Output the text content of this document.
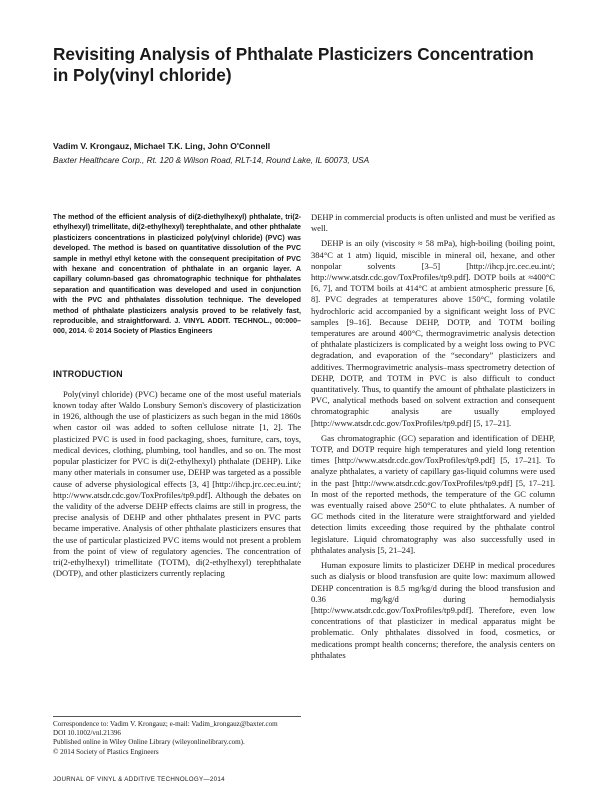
Revisiting Analysis of Phthalate Plasticizers Concentration in Poly(vinyl chloride)
Vadim V. Krongauz, Michael T.K. Ling, John O'Connell
Baxter Healthcare Corp., Rt. 120 & Wilson Road, RLT-14, Round Lake, IL 60073, USA

The method of the efficient analysis of di(2-diethylhexyl) phthalate, tri(2-ethylhexyl) trimellitate, di(2-ethylhexyl) terephthalate, and other phthalate plasticizers concentrations in plasticized poly(vinyl chloride) (PVC) was developed. The method is based on quantitative dissolution of the PVC sample in methyl ethyl ketone with the consequent precipitation of PVC with hexane and concentration of phthalate in an organic layer. A capillary column-based gas chromatographic technique for phthalates separation and quantification was developed and used in conjunction with the PVC and phthalates dissolution technique. The developed method of phthalate plasticizers analysis proved to be relatively fast, reproducible, and straightforward. J. VINYL ADDIT. TECHNOL., 00:000–000, 2014. © 2014 Society of Plastics Engineers

INTRODUCTION

Poly(vinyl chloride) (PVC) became one of the most useful materials known today after Waldo Lonsbury Semon's discovery of plasticization in 1926, although the use of plasticizers as such began in the mid 1860s when castor oil was added to soften cellulose nitrate [1, 2]. The plasticized PVC is used in food packaging, shoes, furniture, cars, toys, medical devices, clothing, plumbing, tool handles, and so on. The most popular plasticizer for PVC is di(2-ethylhexyl) phthalate (DEHP). Like many other materials in consumer use, DEHP was targeted as a possible cause of adverse physiological effects [3, 4] [http://ihcp.jrc.cec.eu.int/; http://www.atsdr.cdc.gov/ToxProfiles/tp9.pdf]. Although the debates on the validity of the adverse DEHP effects claims are still in progress, the precise analysis of DEHP and other phthalates present in PVC parts became imperative. Analysis of other phthalate plasticizers ensures that the use of particular plasticized PVC items would not present a problem from the point of view of regulatory agencies. The concentration of tri(2-ethylhexyl) trimellitate (TOTM), di(2-ethylhexyl) terephthalate (DOTP), and other plasticizers currently replacing

DEHP in commercial products is often unlisted and must be verified as well.

DEHP is an oily (viscosity ≈ 58 mPa), high-boiling (boiling point, 384°C at 1 atm) liquid, miscible in mineral oil, hexane, and other nonpolar solvents [3–5] [http://ihcp.jrc.cec.eu.int/; http://www.atsdr.cdc.gov/ToxProfiles/tp9.pdf]. DOTP boils at ≈400°C [6, 7], and TOTM boils at 414°C at ambient atmospheric pressure [6, 8]. PVC degrades at temperatures above 150°C, forming volatile hydrochloric acid accompanied by a significant weight loss of PVC samples [9–16]. Because DEHP, DOTP, and TOTM boiling temperatures are around 400°C, thermogravimetric analysis detection of phthalate plasticizers is complicated by a weight loss owing to PVC degradation, and evaporation of the “secondary” plasticizers and additives. Thermogravimetric analysis–mass spectrometry detection of DEHP, DOTP, and TOTM in PVC is also difficult to conduct quantitatively. Thus, to quantify the amount of phthalate plasticizers in PVC, analytical methods based on solvent extraction and consequent chromatographic analysis are usually employed [http://www.atsdr.cdc.gov/ToxProfiles/tp9.pdf] [5, 17–21].

Gas chromatographic (GC) separation and identification of DEHP, TOTP, and DOTP require high temperatures and yield long retention times [http://www.atsdr.cdc.gov/ToxProfiles/tp9.pdf] [5, 17–21]. To analyze phthalates, a variety of capillary gas-liquid columns were used in the past [http://www.atsdr.cdc.gov/ToxProfiles/tp9.pdf] [5, 17–21]. In most of the reported methods, the temperature of the GC column was eventually raised above 250°C to elute phthalates. A number of GC methods cited in the literature were straightforward and yielded detection limits exceeding those required by the phthalate control legislature. Liquid chromatography was also successfully used in phthalates analysis [5, 21–24].

Human exposure limits to plasticizer DEHP in medical procedures such as dialysis or blood transfusion are quite low: maximum allowed DEHP concentration is 8.5 mg/kg/d during the blood transfusion and 0.36 mg/kg/d during hemodialysis [http://www.atsdr.cdc.gov/ToxProfiles/tp9.pdf]. Therefore, even low concentrations of that plasticizer in medical apparatus might be problematic. Only phthalates dissolved in food, cosmetics, or medications prompt health concerns; therefore, the analysis centers on phthalates

Correspondence to: Vadim V. Krongauz; e-mail: Vadim_krongauz@baxter.com
DOI 10.1002/vnl.21396
Published online in Wiley Online Library (wileyonlinelibrary.com).
© 2014 Society of Plastics Engineers
JOURNAL OF VINYL & ADDITIVE TECHNOLOGY—2014
